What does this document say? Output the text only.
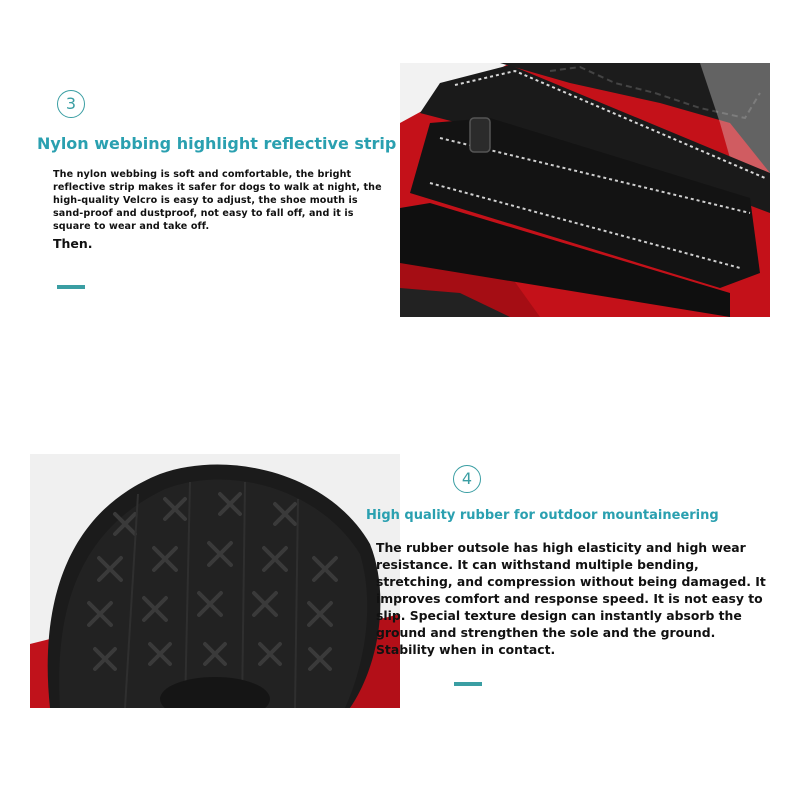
3
Nylon webbing highlight reflective strip
The nylon webbing is soft and comfortable, the bright reflective strip makes it safer for dogs to walk at night, the high-quality Velcro is easy to adjust, the shoe mouth is sand-proof and dustproof, not easy to fall off, and it is square to wear and take off.
Then.
4
High quality rubber for outdoor mountaineering
The rubber outsole has high elasticity and high wear resistance. It can withstand multiple bending, stretching, and compression without being damaged. It improves comfort and response speed. It is not easy to slip. Special texture design can instantly absorb the ground and strengthen the sole and the ground. Stability when in contact.
